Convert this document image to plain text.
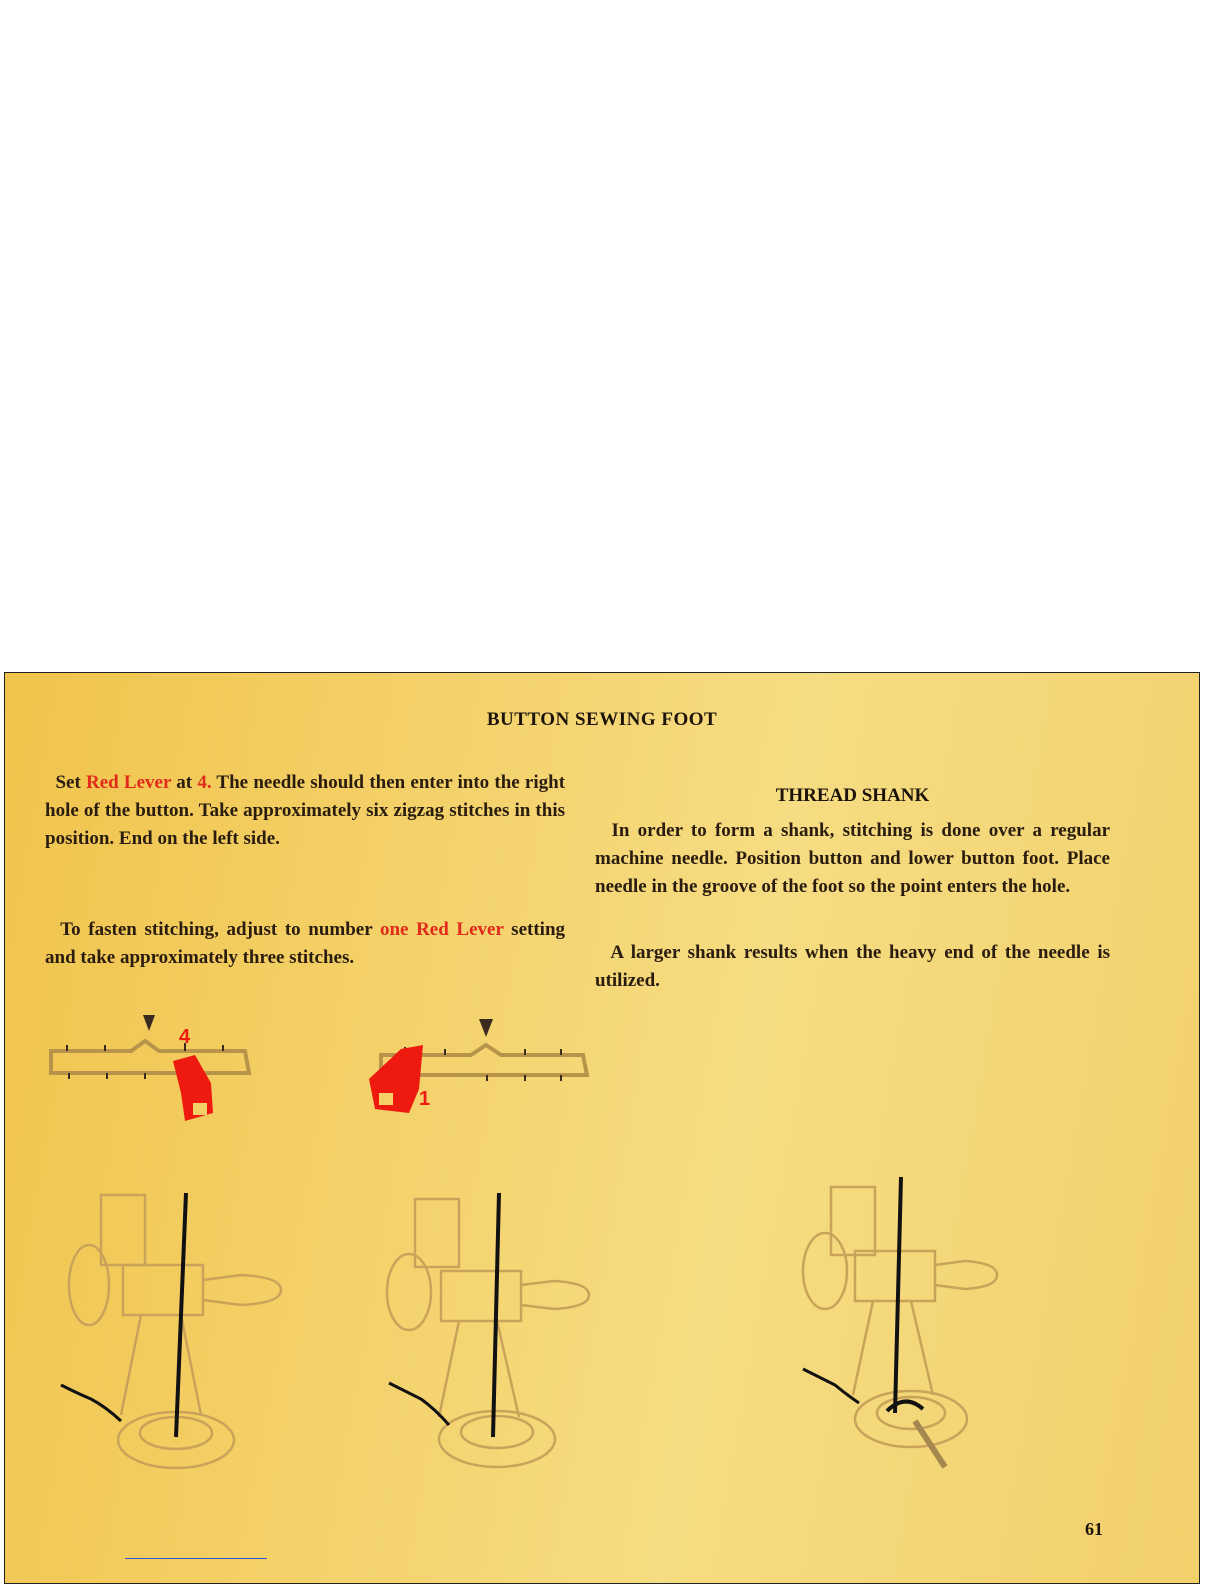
BUTTON SEWING FOOT
Set Red Lever at 4. The needle should then enter into the right hole of the button. Take approximately six zigzag stitches in this position. End on the left side.
To fasten stitching, adjust to number one Red Lever setting and take approximately three stitches.
THREAD SHANK
In order to form a shank, stitching is done over a regular machine needle. Position button and lower button foot. Place needle in the groove of the foot so the point enters the hole.
A larger shank results when the heavy end of the needle is utilized.
4
1
61
